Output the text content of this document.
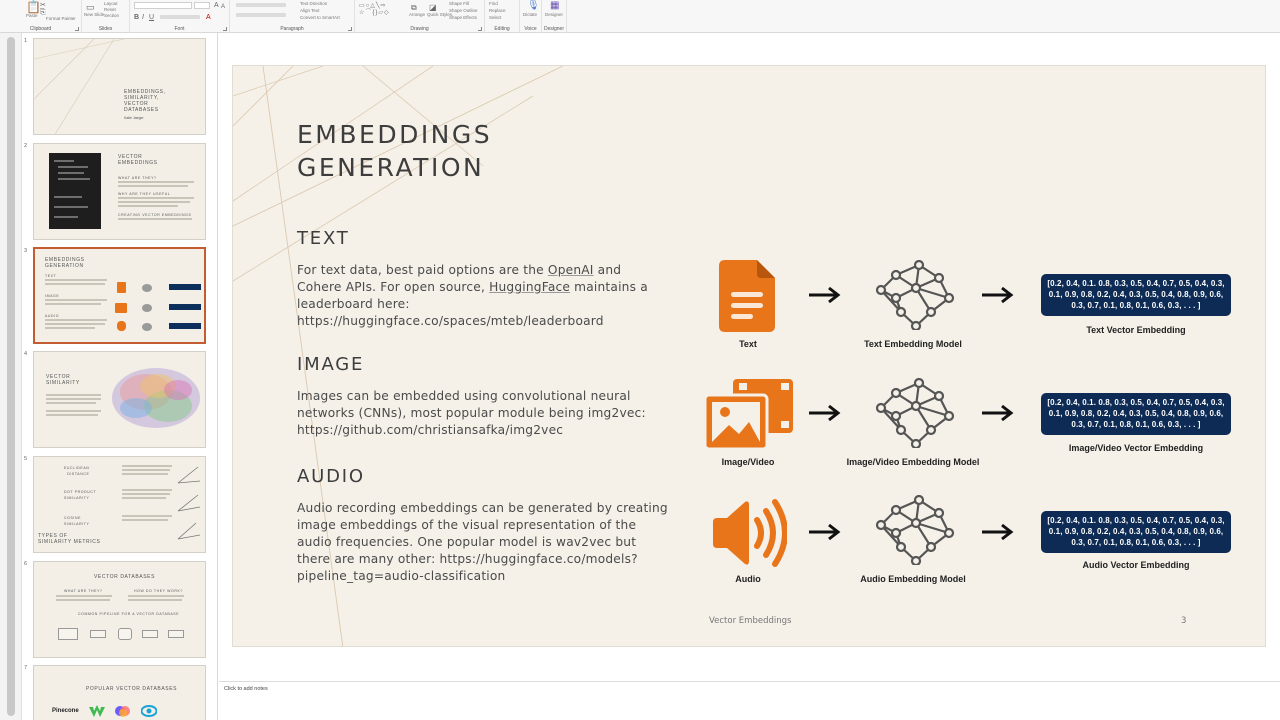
📋
Paste
✂
⎘
Format Painter
Clipboard
▭
New Slide
Layout
Reset
Section
Slides
A A
B I U	A
Font
Text Direction
Align Text
Convert to SmartArt
Paragraph
▭○△╲⇨
☆⌒{}▱◇
⧉
Arrange
◪
Quick Styles
Shape Fill
Shape Outline
Shape Effects
Drawing
Find
Replace
Select
Editing
🎙
Dictate
Voice
▦
Designer
Designer
1
EMBEDDINGS,
SIMILARITY,
VECTOR
DATABASES
Katie Jaeger
2
VECTOR
EMBEDDINGS
WHAT ARE THEY?
WHY ARE THEY USEFUL
CREATING VECTOR EMBEDDINGS
3
EMBEDDINGS
GENERATION
TEXT
IMAGE
AUDIO
4
VECTOR
SIMILARITY
5
EUCLIDEAN
DISTANCE
DOT PRODUCT
SIMILARITY
COSINE
SIMILARITY
TYPES OF
SIMILARITY METRICS
6
VECTOR DATABASES
WHAT ARE THEY?	HOW DO THEY WORK?
COMMON PIPELINE FOR A VECTOR DATABASE
7
POPULAR VECTOR DATABASES
Pinecone
EMBEDDINGS
GENERATION
TEXT
For text data, best paid options are the OpenAI and Cohere APIs. For open source, HuggingFace maintains a leaderboard here: https://huggingface.co/spaces/mteb/leaderboard
IMAGE
Images can be embedded using convolutional neural networks (CNNs), most popular module being img2vec: https://github.com/christiansafka/img2vec
AUDIO
Audio recording embeddings can be generated by creating image embeddings of the visual representation of the audio frequencies. One popular model is wav2vec but there are many other: https://huggingface.co/models?pipeline_tag=audio-classification
Text	Text Embedding Model
[0.2, 0.4, 0.1. 0.8, 0.3, 0.5, 0.4, 0.7, 0.5, 0.4, 0.3, 0.1, 0.9, 0.8, 0.2, 0.4, 0.3, 0.5, 0.4, 0.8, 0.9, 0.6, 0.3, 0.7, 0.1, 0.8, 0.1, 0.6, 0.3, . . . ]
Text Vector Embedding
Image/Video	Image/Video Embedding Model
[0.2, 0.4, 0.1. 0.8, 0.3, 0.5, 0.4, 0.7, 0.5, 0.4, 0.3, 0.1, 0.9, 0.8, 0.2, 0.4, 0.3, 0.5, 0.4, 0.8, 0.9, 0.6, 0.3, 0.7, 0.1, 0.8, 0.1, 0.6, 0.3, . . . ]
Image/Video Vector Embedding
Audio	Audio Embedding Model
[0.2, 0.4, 0.1. 0.8, 0.3, 0.5, 0.4, 0.7, 0.5, 0.4, 0.3, 0.1, 0.9, 0.8, 0.2, 0.4, 0.3, 0.5, 0.4, 0.8, 0.9, 0.6, 0.3, 0.7, 0.1, 0.8, 0.1, 0.6, 0.3, . . . ]
Audio Vector Embedding
Vector Embeddings	3
Click to add notes
